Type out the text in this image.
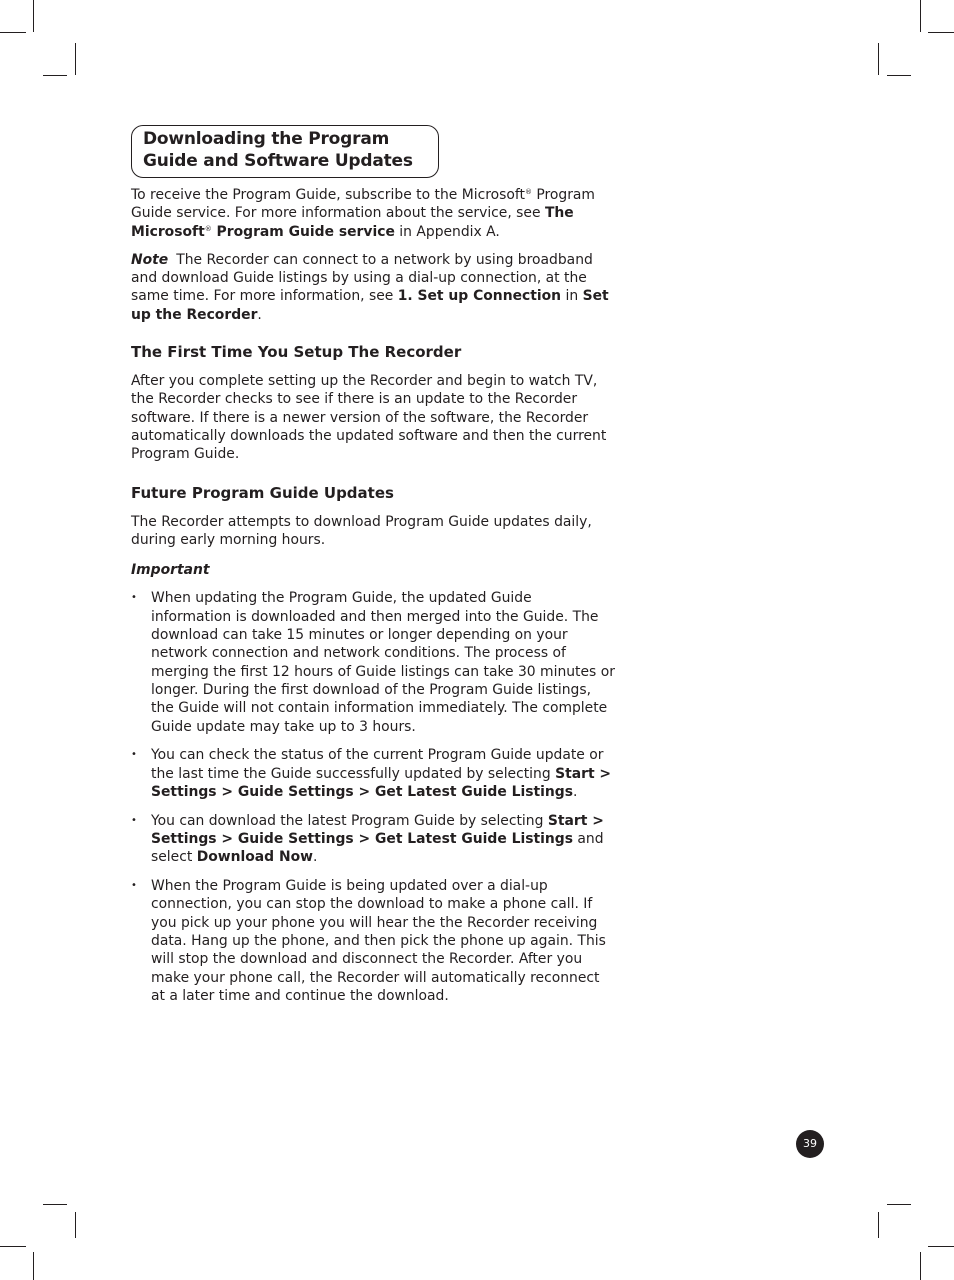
Downloading the Program Guide and Software Updates

To receive the Program Guide, subscribe to the Microsoft® Program Guide service. For more information about the service, see The Microsoft® Program Guide service in Appendix A.

Note The Recorder can connect to a network by using broadband and download Guide listings by using a dial-up connection, at the same time. For more information, see 1. Set up Connection in Set up the Recorder.

The First Time You Setup The Recorder

After you complete setting up the Recorder and begin to watch TV, the Recorder checks to see if there is an update to the Recorder software. If there is a newer version of the software, the Recorder automatically downloads the updated software and then the current Program Guide.

Future Program Guide Updates

The Recorder attempts to download Program Guide updates daily, during early morning hours.

Important

• When updating the Program Guide, the updated Guide information is downloaded and then merged into the Guide. The download can take 15 minutes or longer depending on your network connection and network conditions. The process of merging the first 12 hours of Guide listings can take 30 minutes or longer. During the first download of the Program Guide listings, the Guide will not contain information immediately. The complete Guide update may take up to 3 hours.
• You can check the status of the current Program Guide update or the last time the Guide successfully updated by selecting Start > Settings > Guide Settings > Get Latest Guide Listings.
• You can download the latest Program Guide by selecting Start > Settings > Guide Settings > Get Latest Guide Listings and select Download Now.
• When the Program Guide is being updated over a dial-up connection, you can stop the download to make a phone call. If you pick up your phone you will hear the the Recorder receiving data. Hang up the phone, and then pick the phone up again. This will stop the download and disconnect the Recorder. After you make your phone call, the Recorder will automatically reconnect at a later time and continue the download.
39
